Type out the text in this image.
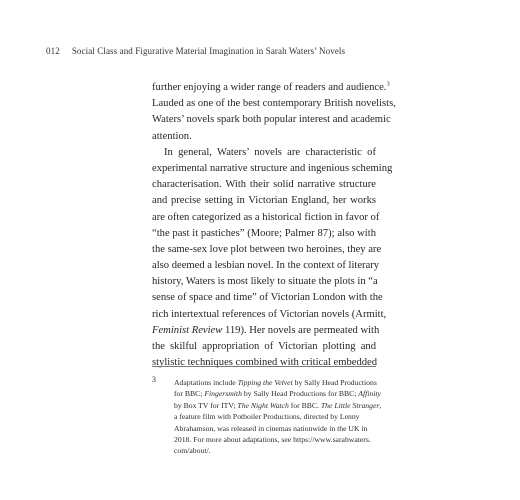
012 Social Class and Figurative Material Imagination in Sarah Waters’ Novels
further enjoying a wider range of readers and audience.$^3$
Lauded as one of the best contemporary British novelists,
Waters’ novels spark both popular interest and academic
attention.
In general, Waters’ novels are characteristic of
experimental narrative structure and ingenious scheming
characterisation. With their solid narrative structure
and precise setting in Victorian England, her works
are often categorized as a historical fiction in favor of
“the past it pastiches” (Moore; Palmer 87); also with
the same-sex love plot between two heroines, they are
also deemed a lesbian novel. In the context of literary
history, Waters is most likely to situate the plots in “a
sense of space and time” of Victorian London with the
rich intertextual references of Victorian novels (Armitt,
Feminist Review 119). Her novels are permeated with
the skilful appropriation of Victorian plotting and
stylistic techniques combined with critical embedded
3 Adaptations include Tipping the Velvet by Sally Head Productions
for BBC; Fingersmith by Sally Head Productions for BBC; Affinity
by Box TV for ITV; The Night Watch for BBC. The Little Stranger,
a feature film with Potboiler Productions, directed by Lenny
Abrahamson, was released in cinemas nationwide in the UK in
2018. For more about adaptations, see https://www.sarahwaters.
com/about/.
